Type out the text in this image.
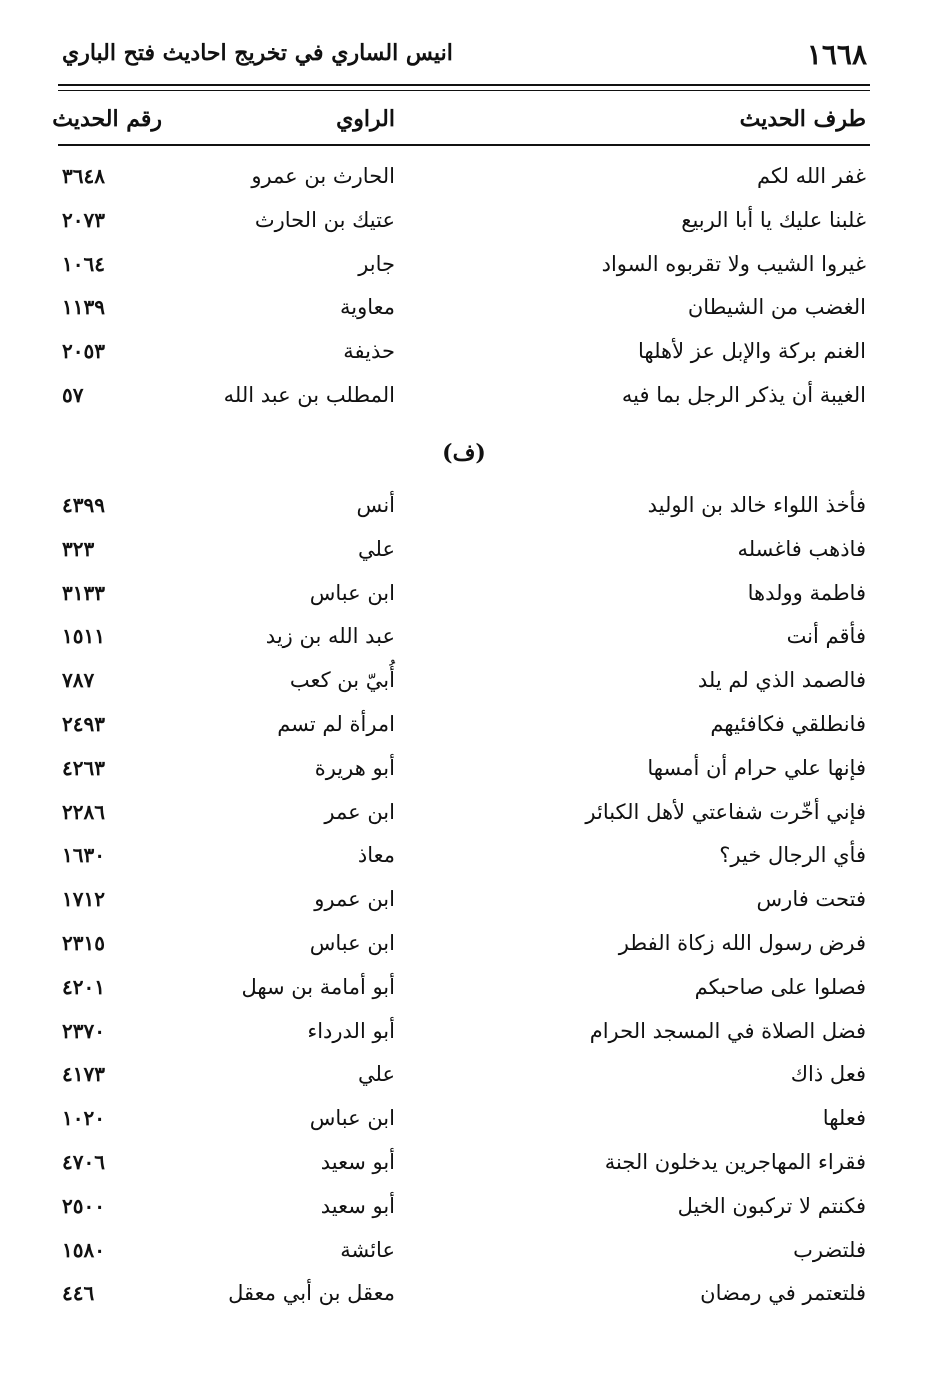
١٦٦٨
انيس الساري في تخريج احاديث فتح الباري
طرف الحديث
الراوي
رقم الحديث
غفر الله لكم
الحارث بن عمرو
٣٦٤٨
غلبنا عليك يا أبا الربيع
عتيك بن الحارث
٢٠٧٣
غيروا الشيب ولا تقربوه السواد
جابر
١٠٦٤
الغضب من الشيطان
معاوية
١١٣٩
الغنم بركة والإبل عز لأهلها
حذيفة
٢٠٥٣
الغيبة أن يذكر الرجل بما فيه
المطلب بن عبد الله
٥٧
(ف)
فأخذ اللواء خالد بن الوليد
أنس
٤٣٩٩
فاذهب فاغسله
علي
٣٢٣
فاطمة وولدها
ابن عباس
٣١٣٣
فأقم أنت
عبد الله بن زيد
١٥١١
فالصمد الذي لم يلد
أُبيّ بن كعب
٧٨٧
فانطلقي فكافئيهم
امرأة لم تسم
٢٤٩٣
فإنها علي حرام أن أمسها
أبو هريرة
٤٢٦٣
فإني أخّرت شفاعتي لأهل الكبائر
ابن عمر
٢٢٨٦
فأي الرجال خير؟
معاذ
١٦٣٠
فتحت فارس
ابن عمرو
١٧١٢
فرض رسول الله زكاة الفطر
ابن عباس
٢٣١٥
فصلوا على صاحبكم
أبو أمامة بن سهل
٤٢٠١
فضل الصلاة في المسجد الحرام
أبو الدرداء
٢٣٧٠
فعل ذاك
علي
٤١٧٣
فعلها
ابن عباس
١٠٢٠
فقراء المهاجرين يدخلون الجنة
أبو سعيد
٤٧٠٦
فكنتم لا تركبون الخيل
أبو سعيد
٢٥٠٠
فلتضرب
عائشة
١٥٨٠
فلتعتمر في رمضان
معقل بن أبي معقل
٤٤٦
